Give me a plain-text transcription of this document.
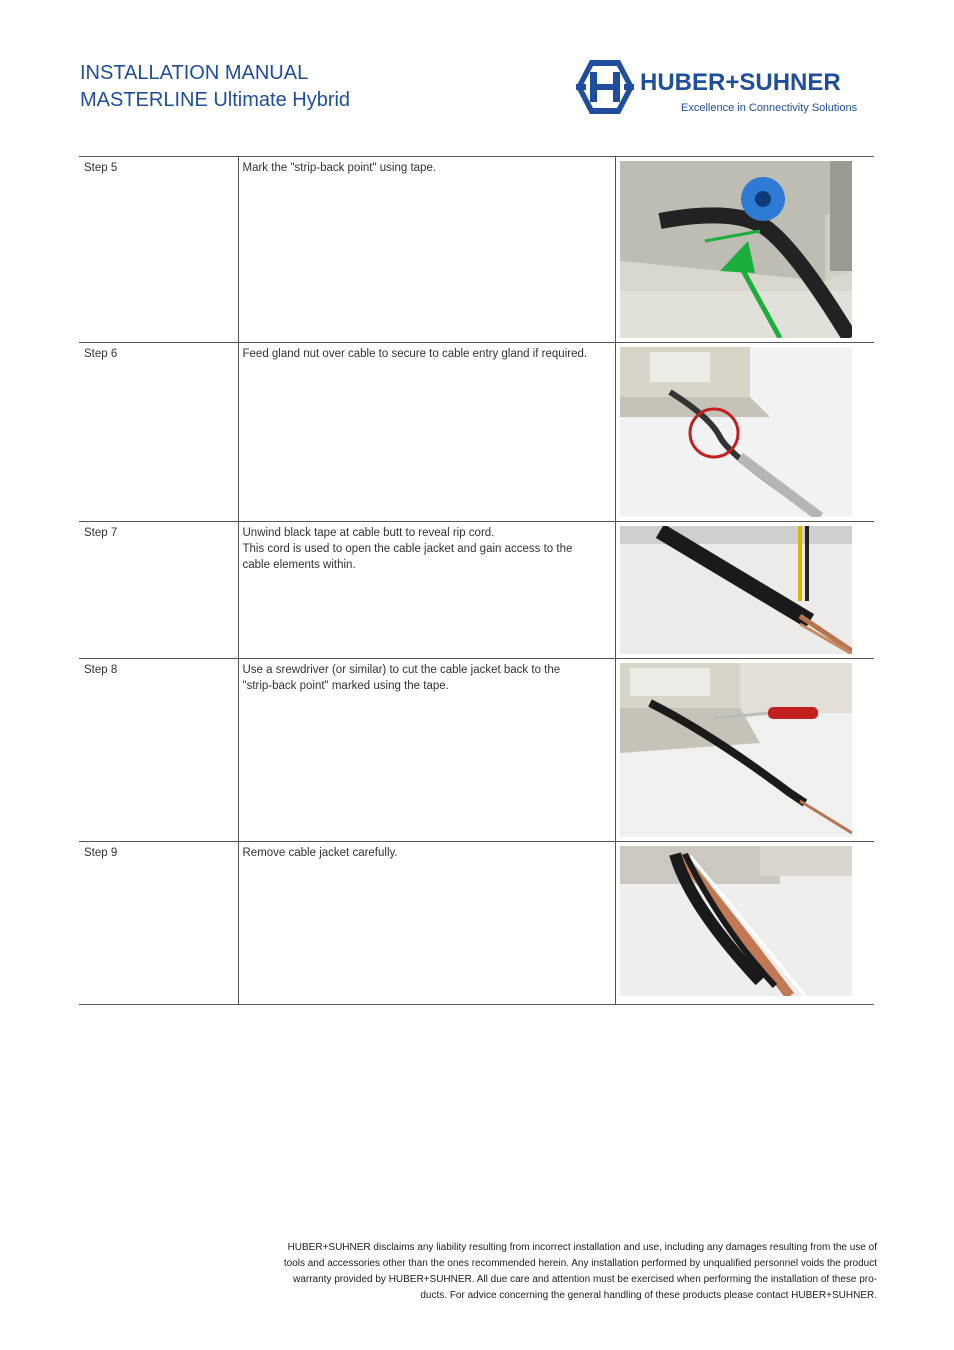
INSTALLATION MANUAL
MASTERLINE Ultimate Hybrid
HUBER+SUHNER
Excellence in Connectivity Solutions
Step 5	Mark the "strip-back point" using tape.

Step 6	Feed gland nut over cable to secure to cable entry gland if required.

Step 7	Unwind black tape at cable butt to reveal rip cord.
This cord is used to open the cable jacket and gain access to the
cable elements within.

Step 8	Use a srewdriver (or similar) to cut the cable jacket back to the
"strip-back point" marked using the tape.

Step 9	Remove cable jacket carefully.

HUBER+SUHNER disclaims any liability resulting from incorrect installation and use, including any damages resulting from the use of
tools and accessories other than the ones recommended herein. Any installation performed by unqualified personnel voids the product
warranty provided by HUBER+SUHNER. All due care and attention must be exercised when performing the installation of these pro-
ducts. For advice concerning the general handling of these products please contact HUBER+SUHNER.
